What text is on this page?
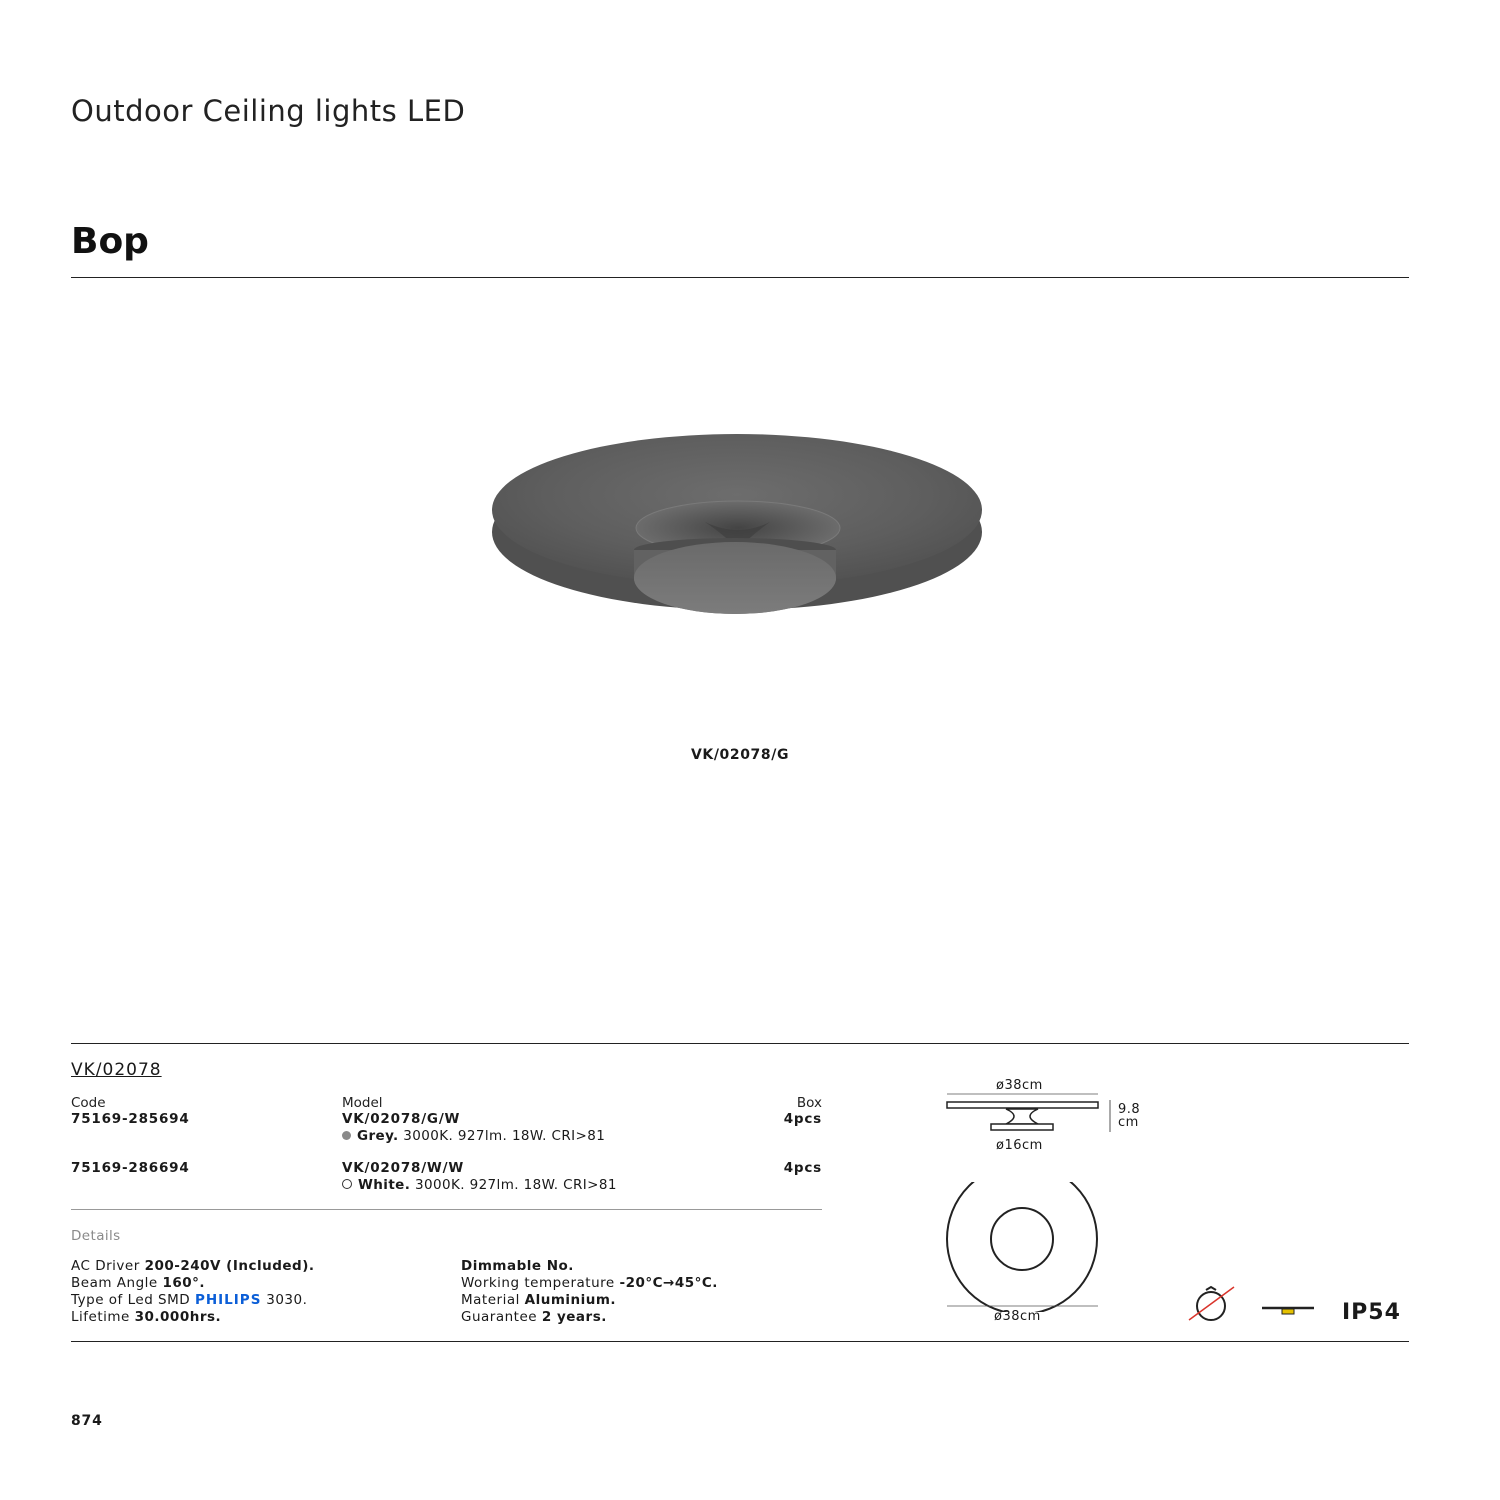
Outdoor Ceiling lights LED
Bop
VK/02078/G
VK/02078
Code	Model	Box
75169-285694	VK/02078/G/W	4pcs
Grey. 3000K. 927lm. 18W. CRI>81
75169-286694	VK/02078/W/W	4pcs
White. 3000K. 927lm. 18W. CRI>81
Details
AC Driver 200-240V (Included).
Beam Angle 160°.
Type of Led SMD PHILIPS 3030.
Lifetime 30.000hrs.
Dimmable No.
Working temperature -20°C→45°C.
Material Aluminium.
Guarantee 2 years.
ø38cm
9.8
cm
ø16cm
ø38cm	IP54
874
